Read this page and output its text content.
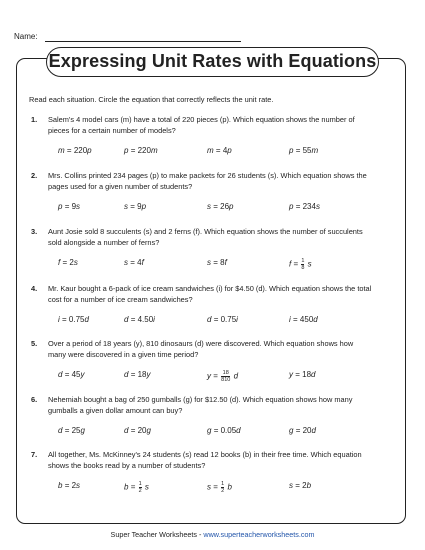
Name:
Expressing Unit Rates with Equations
Read each situation. Circle the equation that correctly reflects the unit rate.
1. Salem's 4 model cars (m) have a total of 220 pieces (p). Which equation shows the number of pieces for a certain number of models?
m = 220p	p = 220m	m = 4p	p = 55m
2. Mrs. Collins printed 234 pages (p) to make packets for 26 students (s). Which equation shows the pages used for a given number of students?
p = 9s	s = 9p	s = 26p	p = 234s
3. Aunt Josie sold 8 succulents (s) and 2 ferns (f). Which equation shows the number of succulents sold alongside a number of ferns?
f = 2s	s = 4f	s = 8f	$f = \frac{1}{8}$ s
4. Mr. Kaur bought a 6-pack of ice cream sandwiches (i) for $4.50 (d). Which equation shows the total cost for a number of ice cream sandwiches?
i = 0.75d	d = 4.50i	d = 0.75i	i = 450d
5. Over a period of 18 years (y), 810 dinosaurs (d) were discovered. Which equation shows how many were discovered in a given time period?
d = 45y	d = 18y	$y = \frac{18}{810}$ d	y = 18d
6. Nehemiah bought a bag of 250 gumballs (g) for $12.50 (d). Which equation shows how many gumballs a given dollar amount can buy?
d = 25g	d = 20g	g = 0.05d	g = 20d
7. All together, Ms. McKinney's 24 students (s) read 12 books (b) in their free time. Which equation shows the books read by a number of students?
b = 2s	$b = \frac{1}{2}$ s	$s = \frac{1}{2}$ b	s = 2b
Super Teacher Worksheets - www.superteacherworksheets.com
